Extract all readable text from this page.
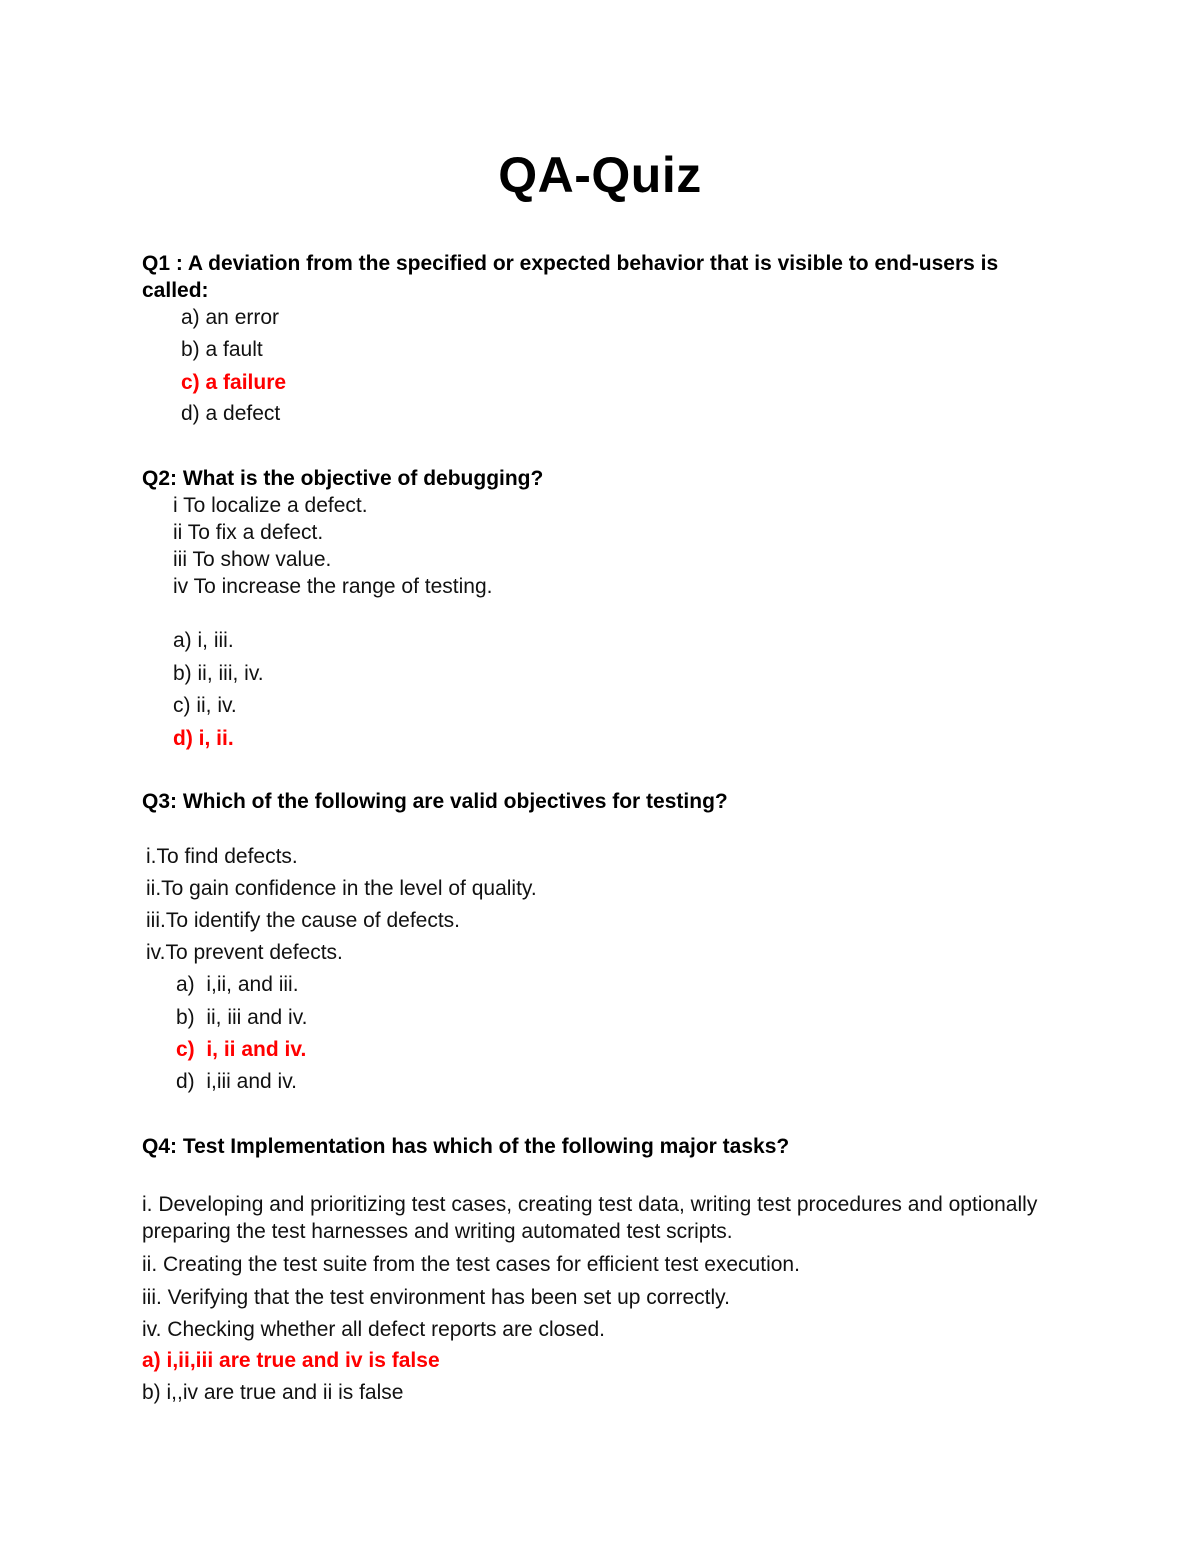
QA-Quiz
Q1 : A deviation from the specified or expected behavior that is visible to end-users is called:
a) an error
b) a fault
c) a failure
d) a defect
Q2: What is the objective of debugging?
i To localize a defect.
ii To fix a defect.
iii To show value.
iv To increase the range of testing.
a) i, iii.
b) ii, iii, iv.
c) ii, iv.
d) i, ii.
Q3: Which of the following are valid objectives for testing?
i.To find defects.
ii.To gain confidence in the level of quality.
iii.To identify the cause of defects.
iv.To prevent defects.
a)  i,ii, and iii.
b)  ii, iii and iv.
c)  i, ii and iv.
d)  i,iii and iv.
Q4: Test Implementation has which of the following major tasks?
i. Developing and prioritizing test cases, creating test data, writing test procedures and optionally preparing the test harnesses and writing automated test scripts.
ii. Creating the test suite from the test cases for efficient test execution.
iii. Verifying that the test environment has been set up correctly.
iv. Checking whether all defect reports are closed.
a) i,ii,iii are true and iv is false
b) i,,iv are true and ii is false
